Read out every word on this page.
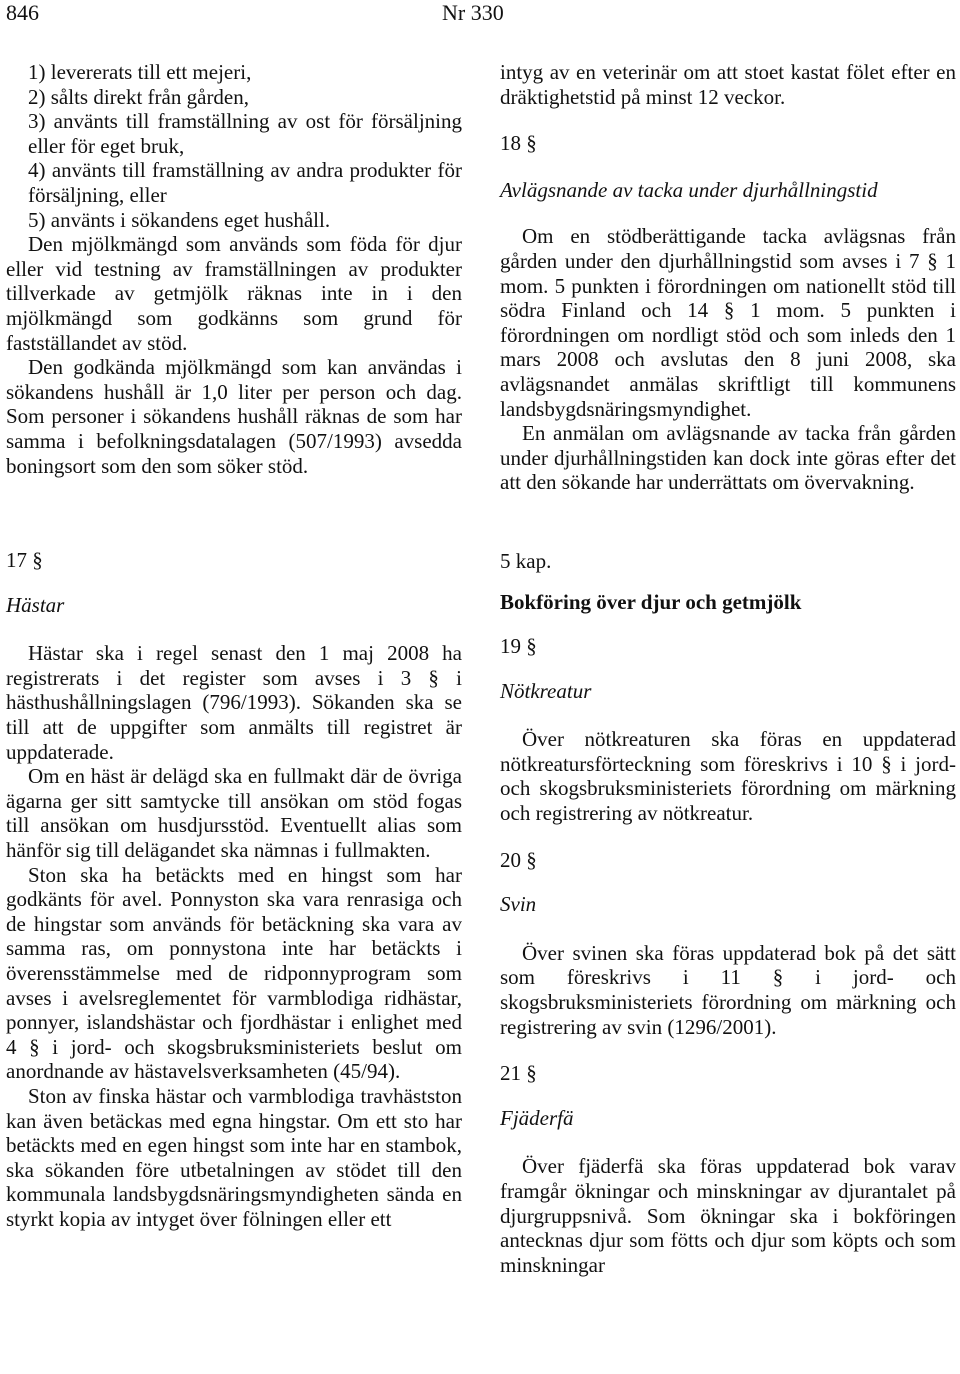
846	Nr 330

1) levererats till ett mejeri,

2) sålts direkt från gården,

3) använts till framställning av ost för försäljning eller för eget bruk,

4) använts till framställning av andra produkter för försäljning, eller

5) använts i sökandens eget hushåll.

Den mjölkmängd som används som föda för djur eller vid testning av framställningen av produkter tillverkade av getmjölk räknas inte in i den mjölkmängd som godkänns som grund för fastställandet av stöd.

Den godkända mjölkmängd som kan användas i sökandens hushåll är 1,0 liter per person och dag. Som personer i sökandens hushåll räknas de som har samma i befolkningsdatalagen (507/1993) avsedda boningsort som den som söker stöd.

17 §

Hästar

Hästar ska i regel senast den 1 maj 2008 ha registrerats i det register som avses i 3 § i hästhushållningslagen (796/1993). Sökanden ska se till att de uppgifter som anmälts till registret är uppdaterade.

Om en häst är delägd ska en fullmakt där de övriga ägarna ger sitt samtycke till ansökan om stöd fogas till ansökan om husdjursstöd. Eventuellt alias som hänför sig till delägandet ska nämnas i fullmakten.

Ston ska ha betäckts med en hingst som har godkänts för avel. Ponnyston ska vara renrasiga och de hingstar som används för betäckning ska vara av samma ras, om ponnystona inte har betäckts i överensstämmelse med de ridponnyprogram som avses i avelsreglementet för varmblodiga ridhästar, ponnyer, islandshästar och fjordhästar i enlighet med 4 § i jord- och skogsbruksministeriets beslut om anordnande av hästavelsverksamheten (45/94).

Ston av finska hästar och varmblodiga travhästston kan även betäckas med egna hingstar. Om ett sto har betäckts med en egen hingst som inte har en stambok, ska sökanden före utbetalningen av stödet till den kommunala landsbygdsnäringsmyndigheten sända en styrkt kopia av intyget över fölningen eller ett

intyg av en veterinär om att stoet kastat fölet efter en dräktighetstid på minst 12 veckor.

18 §

Avlägsnande av tacka under djurhållningstid

Om en stödberättigande tacka avlägsnas från gården under den djurhållningstid som avses i 7 § 1 mom. 5 punkten i förordningen om nationellt stöd till södra Finland och 14 § 1 mom. 5 punkten i förordningen om nordligt stöd och som inleds den 1 mars 2008 och avslutas den 8 juni 2008, ska avlägsnandet anmälas skriftligt till kommunens landsbygdsnäringsmyndighet.

En anmälan om avlägsnande av tacka från gården under djurhållningstiden kan dock inte göras efter det att den sökande har underrättats om övervakning.

5 kap.

Bokföring över djur och getmjölk

19 §

Nötkreatur

Över nötkreaturen ska föras en uppdaterad nötkreatursförteckning som föreskrivs i 10 § i jord- och skogsbruksministeriets förordning om märkning och registrering av nötkreatur.

20 §

Svin

Över svinen ska föras uppdaterad bok på det sätt som föreskrivs i 11 § i jord- och skogsbruksministeriets förordning om märkning och registrering av svin (1296/2001).

21 §

Fjäderfä

Över fjäderfä ska föras uppdaterad bok varav framgår ökningar och minskningar av djurantalet på djurgruppsnivå. Som ökningar ska i bokföringen antecknas djur som fötts och djur som köpts och som minskningar
